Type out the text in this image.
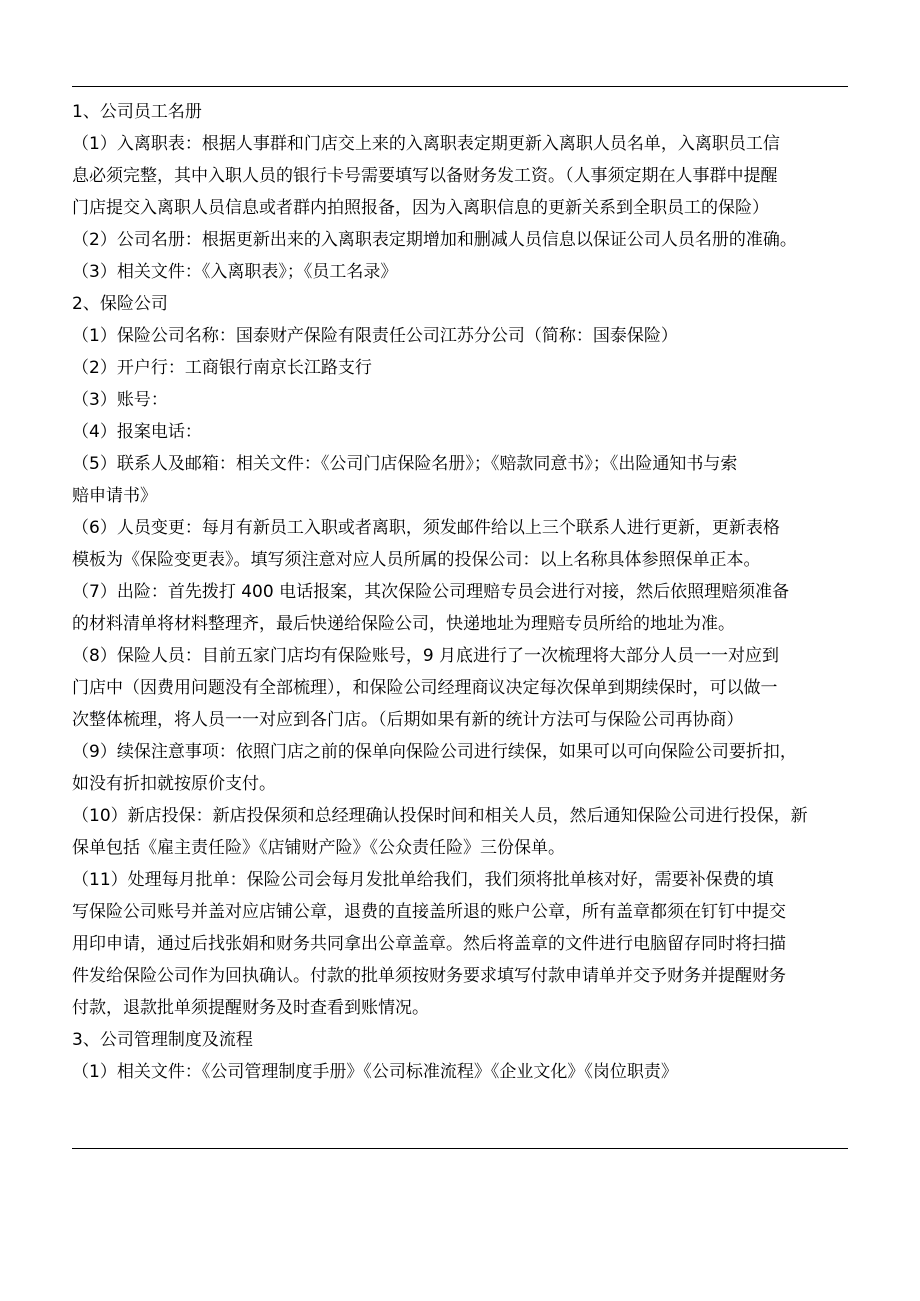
1、公司员工名册
（1）入离职表：根据人事群和门店交上来的入离职表定期更新入离职人员名单，入离职员工信
息必须完整，其中入职人员的银行卡号需要填写以备财务发工资。（人事须定期在人事群中提醒
门店提交入离职人员信息或者群内拍照报备，因为入离职信息的更新关系到全职员工的保险）
（2）公司名册：根据更新出来的入离职表定期增加和删减人员信息以保证公司人员名册的准确。
（3）相关文件：《入离职表》；《员工名录》
2、保险公司
（1）保险公司名称：国泰财产保险有限责任公司江苏分公司（简称：国泰保险）
（2）开户行：工商银行南京长江路支行
（3）账号：
（4）报案电话：
（5）联系人及邮箱：相关文件：《公司门店保险名册》；《赔款同意书》；《出险通知书与索
赔申请书》
（6）人员变更：每月有新员工入职或者离职，须发邮件给以上三个联系人进行更新，更新表格
模板为《保险变更表》。填写须注意对应人员所属的投保公司：以上名称具体参照保单正本。
（7）出险：首先拨打 400 电话报案，其次保险公司理赔专员会进行对接，然后依照理赔须准备
的材料清单将材料整理齐，最后快递给保险公司，快递地址为理赔专员所给的地址为准。
（8）保险人员：目前五家门店均有保险账号，9 月底进行了一次梳理将大部分人员一一对应到
门店中（因费用问题没有全部梳理），和保险公司经理商议决定每次保单到期续保时，可以做一
次整体梳理，将人员一一对应到各门店。（后期如果有新的统计方法可与保险公司再协商）
（9）续保注意事项：依照门店之前的保单向保险公司进行续保，如果可以可向保险公司要折扣，
如没有折扣就按原价支付。
（10）新店投保：新店投保须和总经理确认投保时间和相关人员，然后通知保险公司进行投保，新
保单包括《雇主责任险》《店铺财产险》《公众责任险》三份保单。
（11）处理每月批单：保险公司会每月发批单给我们，我们须将批单核对好，需要补保费的填
写保险公司账号并盖对应店铺公章，退费的直接盖所退的账户公章，所有盖章都须在钉钉中提交
用印申请，通过后找张娟和财务共同拿出公章盖章。然后将盖章的文件进行电脑留存同时将扫描
件发给保险公司作为回执确认。付款的批单须按财务要求填写付款申请单并交予财务并提醒财务
付款，退款批单须提醒财务及时查看到账情况。
3、公司管理制度及流程
（1）相关文件：《公司管理制度手册》《公司标准流程》《企业文化》《岗位职责》
